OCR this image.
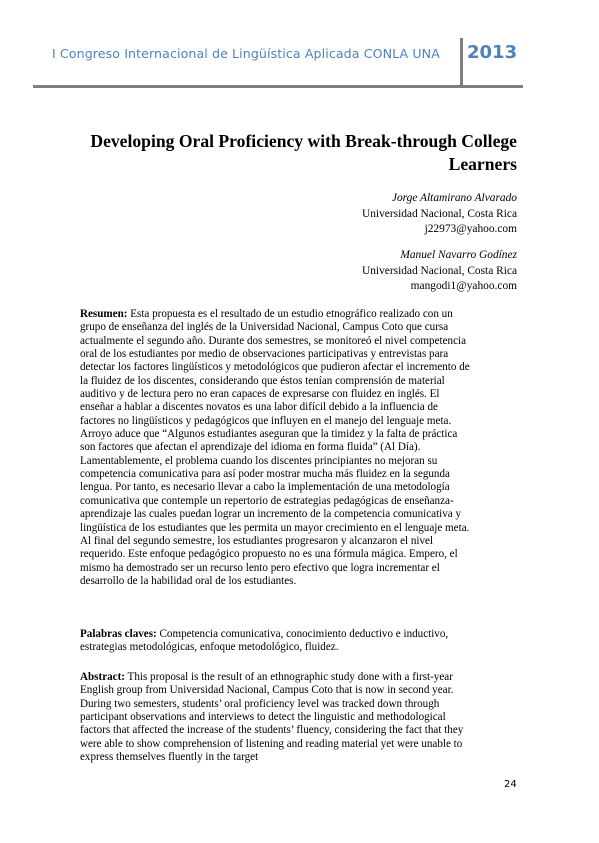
I Congreso Internacional de Lingüística Aplicada CONLA UNA	2013
Developing Oral Proficiency with Break-through College
Learners
Jorge Altamirano Alvarado
Universidad Nacional, Costa Rica
j22973@yahoo.com
Manuel Navarro Godínez
Universidad Nacional, Costa Rica
mangodi1@yahoo.com

Resumen: Esta propuesta es el resultado de un estudio etnográfico realizado con un grupo de enseñanza del inglés de la Universidad Nacional, Campus Coto que cursa actualmente el segundo año. Durante dos semestres, se monitoreó el nivel competencia oral de los estudiantes por medio de observaciones participativas y entrevistas para detectar los factores lingüísticos y metodológicos que pudieron afectar el incremento de la fluidez de los discentes, considerando que éstos tenían comprensión de material auditivo y de lectura pero no eran capaces de expresarse con fluidez en inglés. El enseñar a hablar a discentes novatos es una labor difícil debido a la influencia de factores no lingüísticos y pedagógicos que influyen en el manejo del lenguaje meta. Arroyo aduce que “Algunos estudiantes aseguran que la timidez y la falta de práctica son factores que afectan el aprendizaje del idioma en forma fluida” (Al Día). Lamentablemente, el problema cuando los discentes principiantes no mejoran su competencia comunicativa para así poder mostrar mucha más fluidez en la segunda lengua. Por tanto, es necesario llevar a cabo la implementación de una metodología comunicativa que contemple un repertorio de estrategias pedagógicas de enseñanza-aprendizaje las cuales puedan lograr un incremento de la competencia comunicativa y lingüística de los estudiantes que les permita un mayor crecimiento en el lenguaje meta. Al final del segundo semestre, los estudiantes progresaron y alcanzaron el nivel requerido. Este enfoque pedagógico propuesto no es una fórmula mágica. Empero, el mismo ha demostrado ser un recurso lento pero efectivo que logra incrementar el desarrollo de la habilidad oral de los estudiantes.

Palabras claves: Competencia comunicativa, conocimiento deductivo e inductivo, estrategias metodológicas, enfoque metodológico, fluidez.

Abstract: This proposal is the result of an ethnographic study done with a first-year English group from Universidad Nacional, Campus Coto that is now in second year. During two semesters, students’ oral proficiency level was tracked down through participant observations and interviews to detect the linguistic and methodological factors that affected the increase of the students’ fluency, considering the fact that they were able to show comprehension of listening and reading material yet were unable to express themselves fluently in the target

24
